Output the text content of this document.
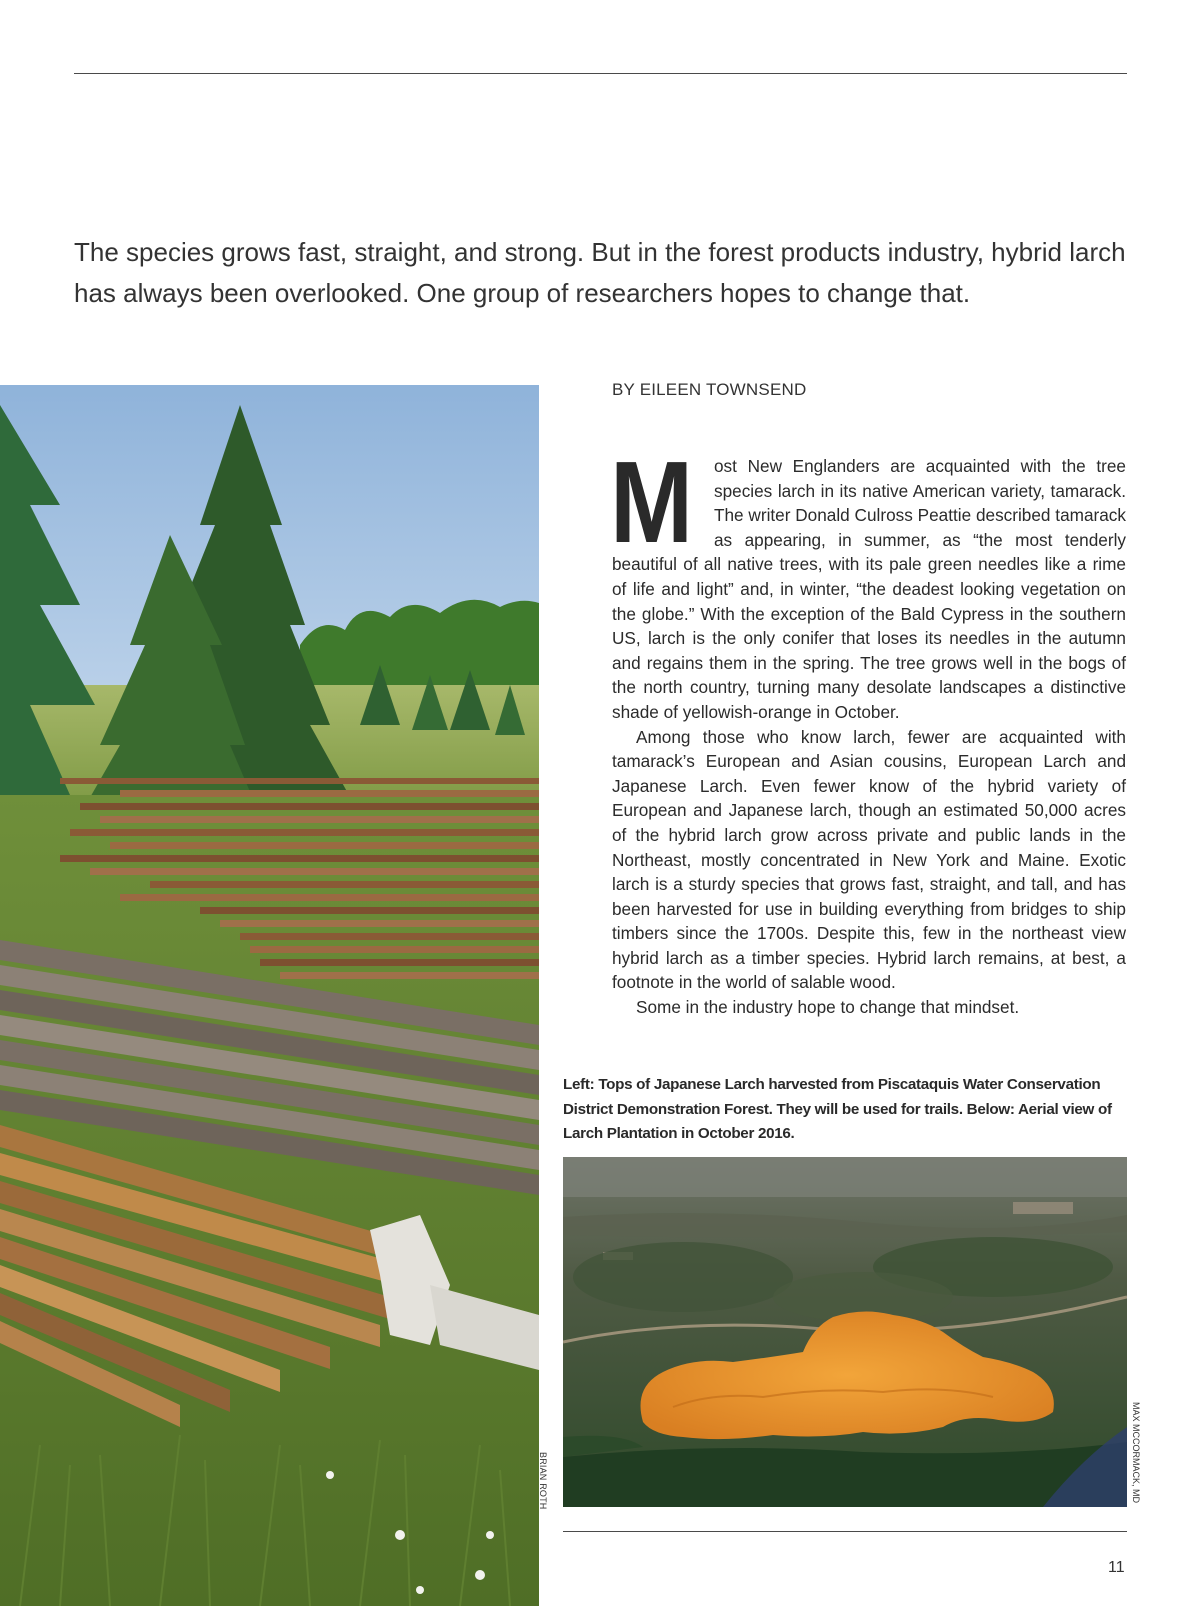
The species grows fast, straight, and strong. But in the forest products industry, hybrid larch has always been overlooked. One group of researchers hopes to change that.

BRIAN ROTH
BY EILEEN TOWNSEND

M ost New Englanders are acquainted with the tree species larch in its native American variety, tamarack. The writer Donald Culross Peattie described tamarack as appearing, in summer, as “the most tenderly beautiful of all native trees, with its pale green needles like a rime of life and light” and, in winter, “the deadest looking vegetation on the globe.” With the exception of the Bald Cypress in the southern US, larch is the only conifer that loses its needles in the autumn and regains them in the spring. The tree grows well in the bogs of the north country, turning many desolate landscapes a distinctive shade of yellowish-orange in October.

Among those who know larch, fewer are acquainted with tamarack’s European and Asian cousins, European Larch and Japanese Larch. Even fewer know of the hybrid variety of European and Japanese larch, though an estimated 50,000 acres of the hybrid larch grow across private and public lands in the Northeast, mostly concentrated in New York and Maine. Exotic larch is a sturdy species that grows fast, straight, and tall, and has been harvested for use in building everything from bridges to ship timbers since the 1700s. Despite this, few in the northeast view hybrid larch as a timber species. Hybrid larch remains, at best, a footnote in the world of salable wood.

Some in the industry hope to change that mindset.

Left: Tops of Japanese Larch harvested from Piscataquis Water Conservation District Demonstration Forest. They will be used for trails. Below: Aerial view of Larch Plantation in October 2016.
MAX MCCORMACK, MD
11
